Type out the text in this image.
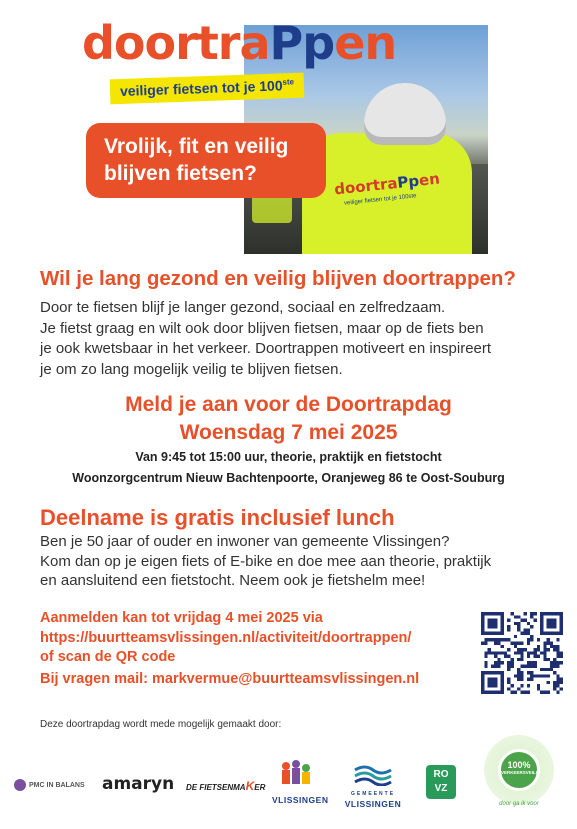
doortraPpen
veiliger fietsen tot je 100ste
doortraPpen
veiliger fietsen tot je 100ste
Vrolijk, fit en veilig
blijven fietsen?
Wil je lang gezond en veilig blijven doortrappen?
Door te fietsen blijf je langer gezond, sociaal en zelfredzaam.
Je fietst graag en wilt ook door blijven fietsen, maar op de fiets ben
je ook kwetsbaar in het verkeer. Doortrappen motiveert en inspireert
je om zo lang mogelijk veilig te blijven fietsen.
Meld je aan voor de Doortrapdag
Woensdag 7 mei 2025
Van 9:45 tot 15:00 uur, theorie, praktijk en fietstocht
Woonzorgcentrum Nieuw Bachtenpoorte, Oranjeweg 86 te Oost-Souburg
Deelname is gratis inclusief lunch
Ben je 50 jaar of ouder en inwoner van gemeente Vlissingen?
Kom dan op je eigen fiets of E-bike en doe mee aan theorie, praktijk
en aansluitend een fietstocht. Neem ook je fietshelm mee!
Aanmelden kan tot vrijdag 4 mei 2025 via
https://buurtteamsvlissingen.nl/activiteit/doortrappen/
of scan de QR code
Bij vragen mail: markvermue@buurtteamsvlissingen.nl
Deze doortrapdag wordt mede mogelijk gemaakt door:
PMC IN BALANS amaryn DE FIETSENMAKER
VLISSINGEN
GEMEENTE
VLISSINGEN
RO
VZ
100%
VERKEERSVEILIG
door ga ik voor
